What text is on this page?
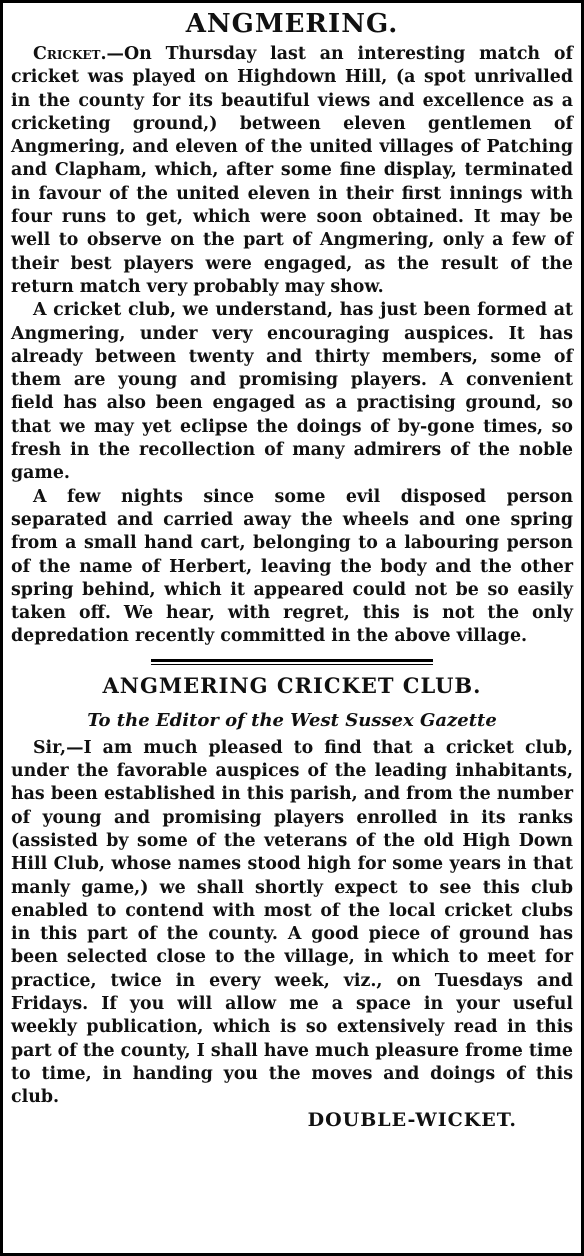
ANGMERING.

Cricket.—On Thursday last an interesting match of cricket was played on Highdown Hill, (a spot unrivalled in the county for its beautiful views and excellence as a cricketing ground,) between eleven gentlemen of Angmering, and eleven of the united villages of Patching and Clapham, which, after some fine display, terminated in favour of the united eleven in their first innings with four runs to get, which were soon obtained. It may be well to observe on the part of Angmering, only a few of their best players were engaged, as the result of the return match very probably may show.

A cricket club, we understand, has just been formed at Angmering, under very encouraging auspices. It has already between twenty and thirty members, some of them are young and promising players. A convenient field has also been engaged as a practising ground, so that we may yet eclipse the doings of by-gone times, so fresh in the recollection of many admirers of the noble game.

A few nights since some evil disposed person separated and carried away the wheels and one spring from a small hand cart, belonging to a labouring person of the name of Herbert, leaving the body and the other spring behind, which it appeared could not be so easily taken off. We hear, with regret, this is not the only depredation recently committed in the above village.

ANGMERING CRICKET CLUB.
To the Editor of the West Sussex Gazette

Sir,—I am much pleased to find that a cricket club, under the favorable auspices of the leading inhabitants, has been established in this parish, and from the number of young and promising players enrolled in its ranks (assisted by some of the veterans of the old High Down Hill Club, whose names stood high for some years in that manly game,) we shall shortly expect to see this club enabled to contend with most of the local cricket clubs in this part of the county. A good piece of ground has been selected close to the village, in which to meet for practice, twice in every week, viz., on Tuesdays and Fridays. If you will allow me a space in your useful weekly publication, which is so extensively read in this part of the county, I shall have much pleasure frome time to time, in handing you the moves and doings of this club.

DOUBLE-WICKET.
